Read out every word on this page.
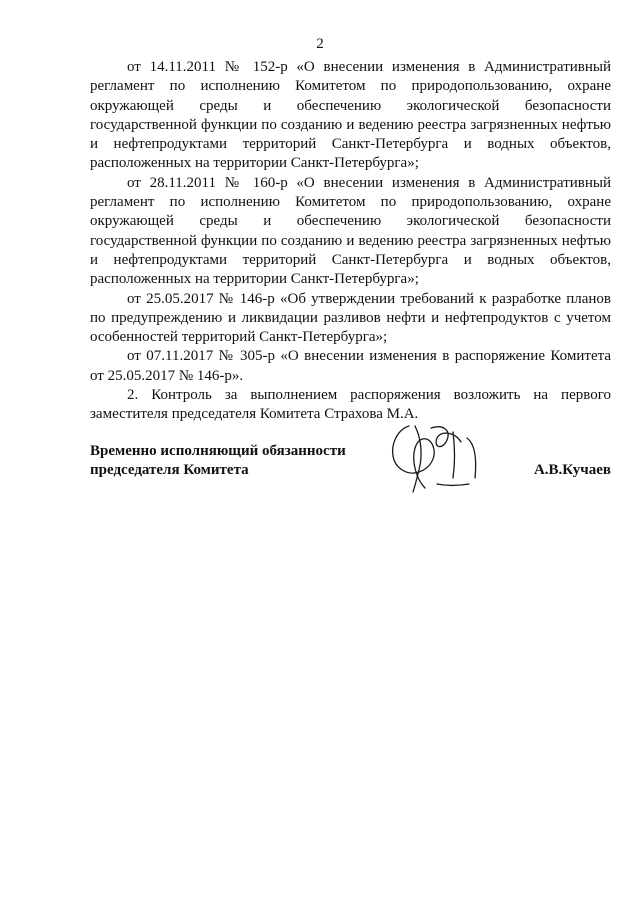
2

от 14.11.2011 № 152-р «О внесении изменения в Административный регламент по исполнению Комитетом по природопользованию, охране окружающей среды и обеспечению экологической безопасности государственной функции по созданию и ведению реестра загрязненных нефтью и нефтепродуктами территорий Санкт-Петербурга и водных объектов, расположенных на территории Санкт-Петербурга»;

от 28.11.2011 № 160-р «О внесении изменения в Административный регламент по исполнению Комитетом по природопользованию, охране окружающей среды и обеспечению экологической безопасности государственной функции по созданию и ведению реестра загрязненных нефтью и нефтепродуктами территорий Санкт-Петербурга и водных объектов, расположенных на территории Санкт-Петербурга»;

от 25.05.2017 № 146-р «Об утверждении требований к разработке планов по предупреждению и ликвидации разливов нефти и нефтепродуктов с учетом особенностей территорий Санкт-Петербурга»;

от 07.11.2017 № 305-р «О внесении изменения в распоряжение Комитета от 25.05.2017 № 146-р».

2. Контроль за выполнением распоряжения возложить на первого заместителя председателя Комитета Страхова М.А.

Временно исполняющий обязанности
председателя Комитета	А.В.Кучаев
